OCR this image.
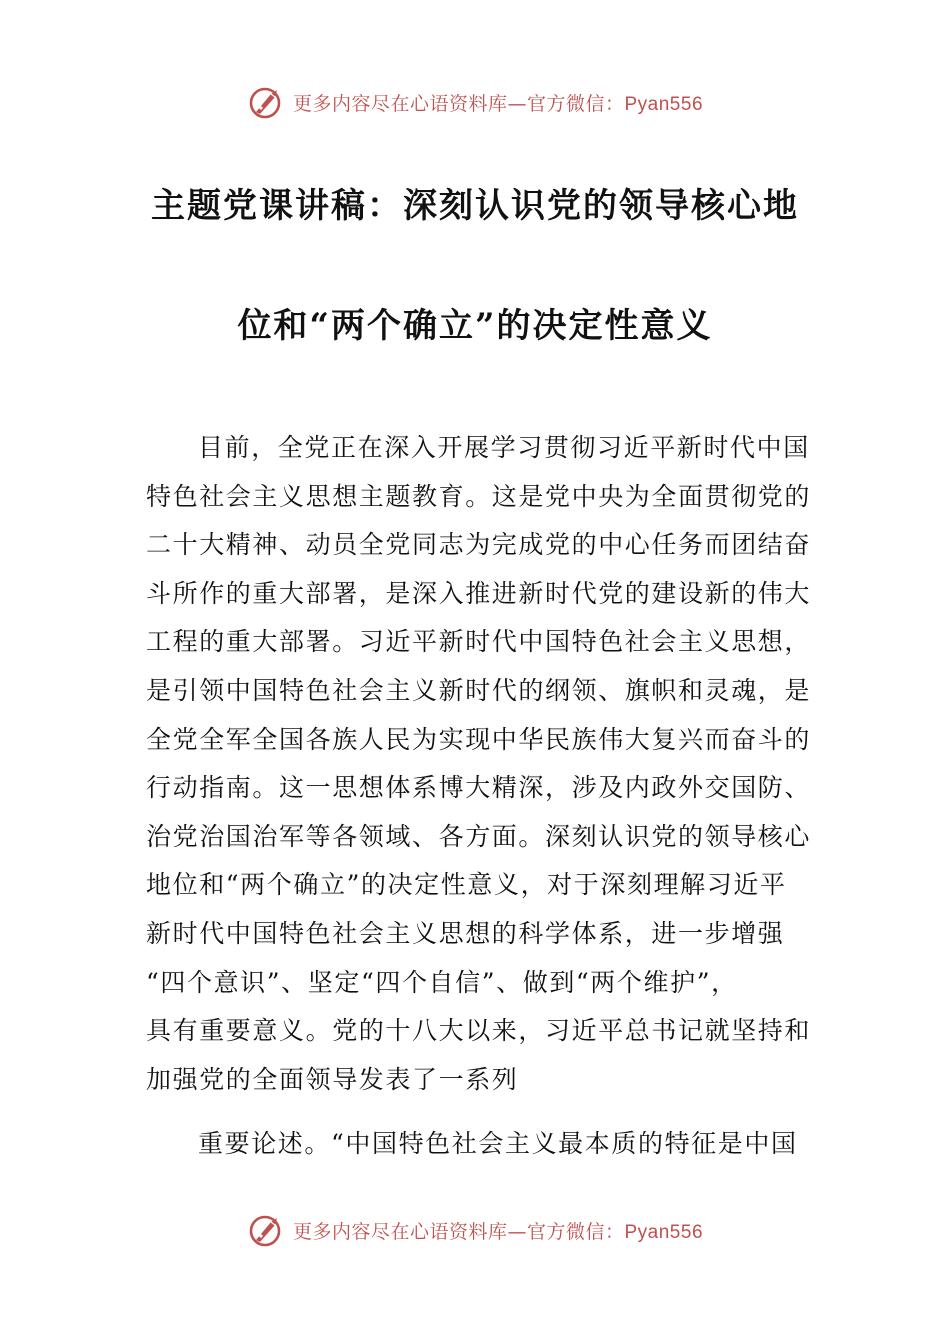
更多内容尽在心语资料库—官方微信：Pyan556
主题党课讲稿：深刻认识党的领导核心地
位和“两个确立”的决定性意义
目前，全党正在深入开展学习贯彻习近平新时代中国
特色社会主义思想主题教育。这是党中央为全面贯彻党的
二十大精神、动员全党同志为完成党的中心任务而团结奋
斗所作的重大部署，是深入推进新时代党的建设新的伟大
工程的重大部署。习近平新时代中国特色社会主义思想，
是引领中国特色社会主义新时代的纲领、旗帜和灵魂，是
全党全军全国各族人民为实现中华民族伟大复兴而奋斗的
行动指南。这一思想体系博大精深，涉及内政外交国防、
治党治国治军等各领域、各方面。深刻认识党的领导核心
地位和“两个确立”的决定性意义，对于深刻理解习近平
新时代中国特色社会主义思想的科学体系，进一步增强
“四个意识”、坚定“四个自信”、做到“两个维护”，
具有重要意义。党的十八大以来，习近平总书记就坚持和
加强党的全面领导发表了一系列
重要论述。“中国特色社会主义最本质的特征是中国
更多内容尽在心语资料库—官方微信：Pyan556
